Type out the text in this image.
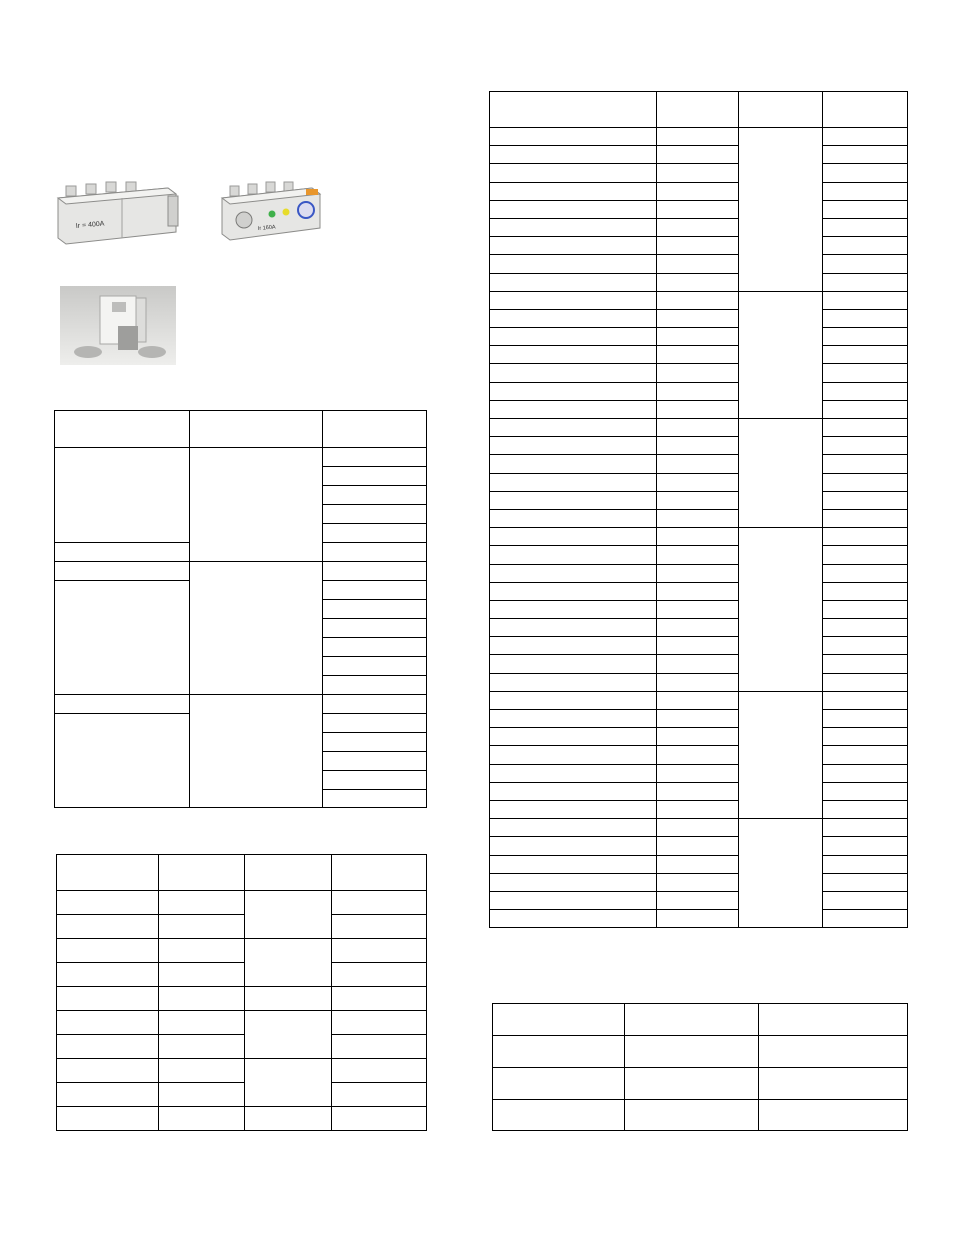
Ir = 400A	Ir 160A
